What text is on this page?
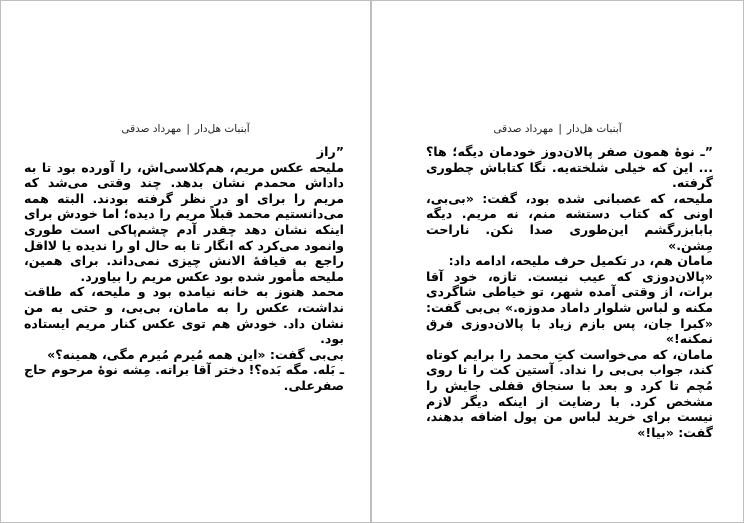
آبنبات هل‌دار|مهرداد صدقی

”راز

ملیحه عکس مریم، هم‌کلاسی‌اش، را آورده بود تا به داداش محمدم نشان بدهد. چند وقتی می‌شد که مریم را برای او در نظر گرفته بودند. البته همه می‌دانستیم محمد قبلاً مریم را دیده؛ اما خودش برای اینکه نشان دهد چقدر آدم چشم‌پاکی است طوری وانمود می‌کرد که انگار تا به حال او را ندیده یا لااقل راجع به قیافهٔ الانش چیزی نمی‌داند. برای همین، ملیحه مأمور شده بود عکس مریم را بیاورد.

محمد هنوز به خانه نیامده بود و ملیحه، که طاقت نداشت، عکس را به مامان، بی‌بی، و حتی به من نشان داد. خودش هم توی عکس کنار مریم ایستاده بود.

بی‌بی گفت: «این همه مُیرم مُیرم مگی، همینه؟»

ـ بَله. مگه بَده؟! دختر آقا براته. مِشه نوهٔ مرحوم حاج صفرعلی.

آبنبات هل‌دار|مهرداد صدقی

”ـ نوهٔ همون صفر پالان‌دوز خودمان دیگه؛ ها؟ ... این که خیلی شلخته‌یه. نگا کتاباش چطوری گرفته.

ملیحه، که عصبانی شده بود، گفت: «بی‌بی، اونی که کتاب دستشه منم، نه مریم. دیگه بابابزرگشم این‌طوری صدا نکن. ناراحت مِشن.»

مامان هم، در تکمیل حرف ملیحه، ادامه داد:

«پالان‌دوزی که عیب نیست. تازه، خود آقا برات، از وقتی آمده شهر، تو خیاطی شاگردی مکنه و لباس شلوار داماد مدوزه.» بی‌بی گفت: «کبرا جان، پس بازم زیاد با پالان‌دوزی فرق نمکنه!»

مامان، که می‌خواست کتِ محمد را برایم کوتاه کند، جواب بی‌بی را نداد. آستین کت را تا روی مُچم تا کرد و بعد با سنجاق قفلی جایش را مشخص کرد. با رضایت از اینکه دیگر لازم نیست برای خرید لباس من پول اضافه بدهند، گفت: «بیا!»
